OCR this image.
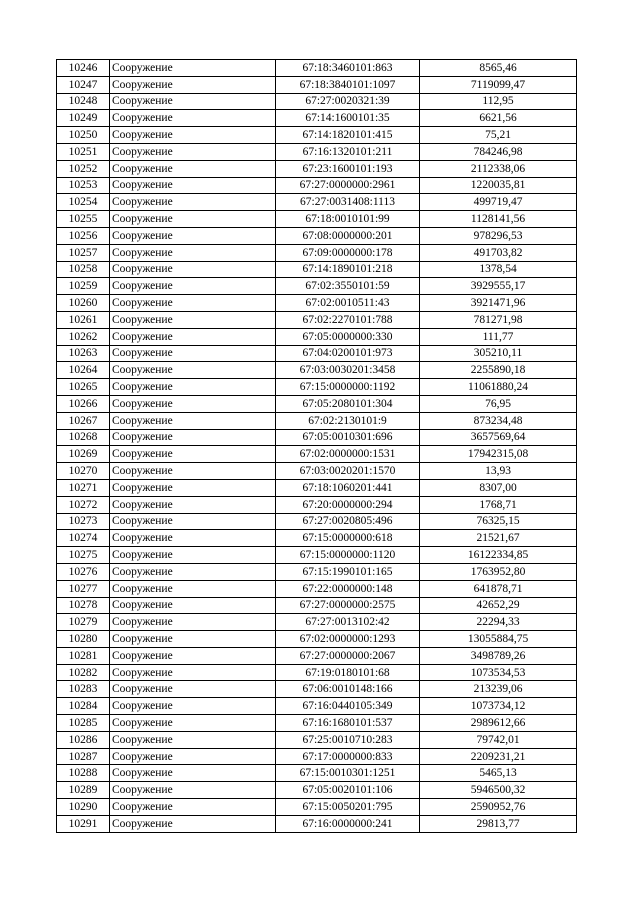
10246	Сооружение	67:18:3460101:863	8565,46
10247	Сооружение	67:18:3840101:1097	7119099,47
10248	Сооружение	67:27:0020321:39	112,95
10249	Сооружение	67:14:1600101:35	6621,56
10250	Сооружение	67:14:1820101:415	75,21
10251	Сооружение	67:16:1320101:211	784246,98
10252	Сооружение	67:23:1600101:193	2112338,06
10253	Сооружение	67:27:0000000:2961	1220035,81
10254	Сооружение	67:27:0031408:1113	499719,47
10255	Сооружение	67:18:0010101:99	1128141,56
10256	Сооружение	67:08:0000000:201	978296,53
10257	Сооружение	67:09:0000000:178	491703,82
10258	Сооружение	67:14:1890101:218	1378,54
10259	Сооружение	67:02:3550101:59	3929555,17
10260	Сооружение	67:02:0010511:43	3921471,96
10261	Сооружение	67:02:2270101:788	781271,98
10262	Сооружение	67:05:0000000:330	111,77
10263	Сооружение	67:04:0200101:973	305210,11
10264	Сооружение	67:03:0030201:3458	2255890,18
10265	Сооружение	67:15:0000000:1192	11061880,24
10266	Сооружение	67:05:2080101:304	76,95
10267	Сооружение	67:02:2130101:9	873234,48
10268	Сооружение	67:05:0010301:696	3657569,64
10269	Сооружение	67:02:0000000:1531	17942315,08
10270	Сооружение	67:03:0020201:1570	13,93
10271	Сооружение	67:18:1060201:441	8307,00
10272	Сооружение	67:20:0000000:294	1768,71
10273	Сооружение	67:27:0020805:496	76325,15
10274	Сооружение	67:15:0000000:618	21521,67
10275	Сооружение	67:15:0000000:1120	16122334,85
10276	Сооружение	67:15:1990101:165	1763952,80
10277	Сооружение	67:22:0000000:148	641878,71
10278	Сооружение	67:27:0000000:2575	42652,29
10279	Сооружение	67:27:0013102:42	22294,33
10280	Сооружение	67:02:0000000:1293	13055884,75
10281	Сооружение	67:27:0000000:2067	3498789,26
10282	Сооружение	67:19:0180101:68	1073534,53
10283	Сооружение	67:06:0010148:166	213239,06
10284	Сооружение	67:16:0440105:349	1073734,12
10285	Сооружение	67:16:1680101:537	2989612,66
10286	Сооружение	67:25:0010710:283	79742,01
10287	Сооружение	67:17:0000000:833	2209231,21
10288	Сооружение	67:15:0010301:1251	5465,13
10289	Сооружение	67:05:0020101:106	5946500,32
10290	Сооружение	67:15:0050201:795	2590952,76
10291	Сооружение	67:16:0000000:241	29813,77
